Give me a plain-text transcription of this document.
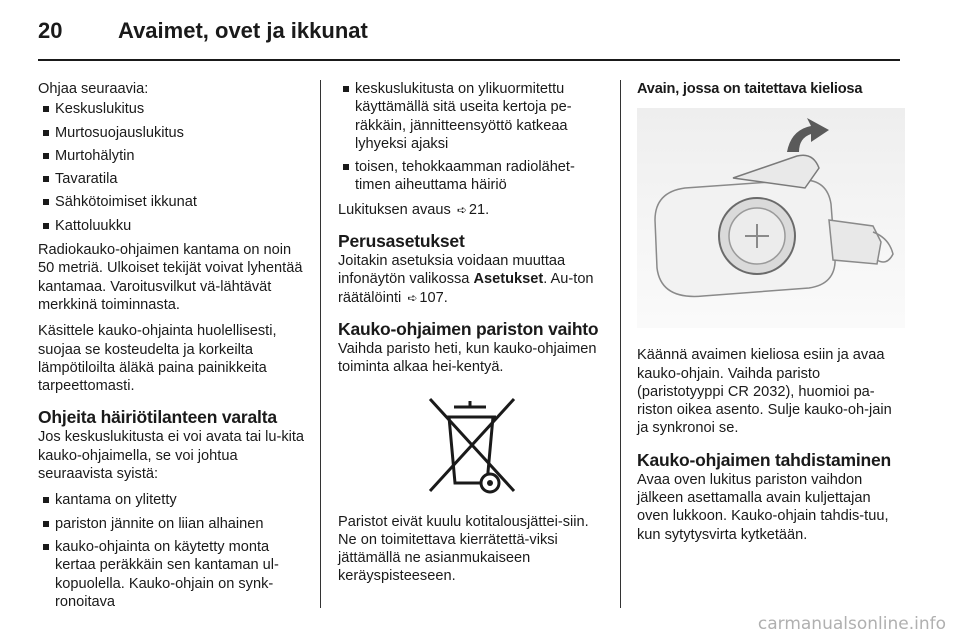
20	Avaimet, ovet ja ikkunat

Ohjaa seuraavia:

Keskuslukitus
Murtosuojauslukitus
Murtohälytin
Tavaratila
Sähkötoimiset ikkunat
Kattoluukku

Radiokauko-ohjaimen kantama on noin 50 metriä. Ulkoiset tekijät voivat lyhentää kantamaa. Varoitusvilkut vä-lähtävät merkkinä toiminnasta.

Käsittele kauko-ohjainta huolellisesti, suojaa se kosteudelta ja korkeilta lämpötiloilta äläkä paina painikkeita tarpeettomasti.

Ohjeita häiriötilanteen varalta

Jos keskuslukitusta ei voi avata tai lu-kita kauko-ohjaimella, se voi johtua seuraavista syistä:

kantama on ylitetty
pariston jännite on liian alhainen
kauko-ohjainta on käytetty monta kertaa peräkkäin sen kantaman ul-kopuolella. Kauko-ohjain on synk-ronoitava
keskuslukitusta on ylikuormitettu käyttämällä sitä useita kertoja pe-räkkäin, jännitteensyöttö katkeaa lyhyeksi ajaksi
toisen, tehokkaamman radiolähet-timen aiheuttama häiriö

Lukituksen avaus ➪ 21.

Perusasetukset

Joitakin asetuksia voidaan muuttaa infonäytön valikossa Asetukset. Au-ton räätälöinti ➪ 107.

Kauko-ohjaimen pariston vaihto

Vaihda paristo heti, kun kauko-ohjaimen toiminta alkaa hei-kentyä.

Paristot eivät kuulu kotitalousjättei-siin. Ne on toimitettava kierrätettä-viksi jättämällä ne asianmukaiseen keräyspisteeseen.

Avain, jossa on taitettava kieliosa

Käännä avaimen kieliosa esiin ja avaa kauko-ohjain. Vaihda paristo (paristotyyppi CR 2032), huomioi pa-riston oikea asento. Sulje kauko-oh-jain ja synkronoi se.

Kauko-ohjaimen tahdistaminen

Avaa oven lukitus pariston vaihdon jälkeen asettamalla avain kuljettajan oven lukkoon. Kauko-ohjain tahdis-tuu, kun sytytysvirta kytketään.

carmanualsonline.info
